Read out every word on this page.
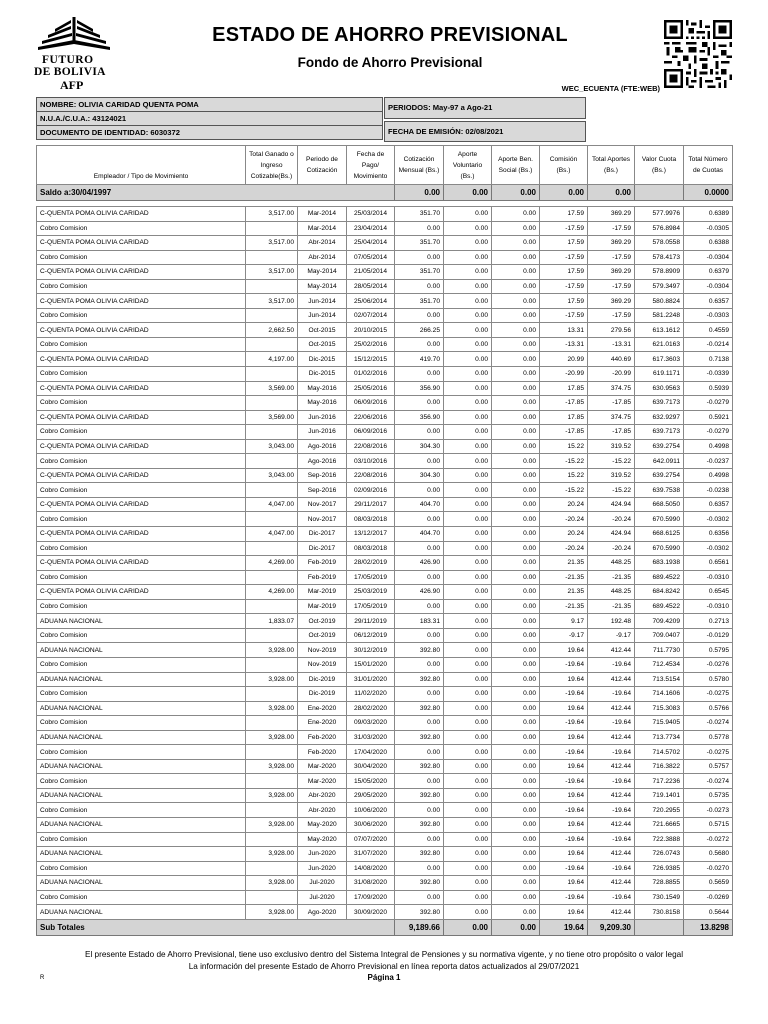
FUTURO
DE BOLIVIA
AFP
ESTADO DE AHORRO PREVISIONAL
Fondo de Ahorro Previsional
WEC_ECUENTA (FTE:WEB)
NOMBRE: OLIVIA CARIDAD QUENTA POMA
N.U.A./C.U.A.: 43124021
DOCUMENTO DE IDENTIDAD: 6030372
PERIODOS: May-97 a Ago-21
FECHA DE EMISIÓN: 02/08/2021
Empleador / Tipo de Movimiento	Total Ganado o Ingreso Cotizable(Bs.)	Periodo de Cotización	Fecha de Pago/ Movimiento	Cotización Mensual (Bs.)	Aporte Voluntario (Bs.)	Aporte Ben. Social (Bs.)	Comisión (Bs.)	Total Aportes (Bs.)	Valor Cuota (Bs.)	Total Número de Cuotas
Saldo a:30/04/1997				0.00	0.00	0.00	0.00	0.00		0.0000

C-QUENTA POMA OLIVIA CARIDAD	3,517.00	Mar-2014	25/03/2014	351.70	0.00	0.00	17.59	369.29	577.9976	0.6389
Cobro Comision		Mar-2014	23/04/2014	0.00	0.00	0.00	-17.59	-17.59	576.8984	-0.0305
C-QUENTA POMA OLIVIA CARIDAD	3,517.00	Abr-2014	25/04/2014	351.70	0.00	0.00	17.59	369.29	578.0558	0.6388
Cobro Comision		Abr-2014	07/05/2014	0.00	0.00	0.00	-17.59	-17.59	578.4173	-0.0304
C-QUENTA POMA OLIVIA CARIDAD	3,517.00	May-2014	21/05/2014	351.70	0.00	0.00	17.59	369.29	578.8909	0.6379
Cobro Comision		May-2014	28/05/2014	0.00	0.00	0.00	-17.59	-17.59	579.3497	-0.0304
C-QUENTA POMA OLIVIA CARIDAD	3,517.00	Jun-2014	25/06/2014	351.70	0.00	0.00	17.59	369.29	580.8824	0.6357
Cobro Comision		Jun-2014	02/07/2014	0.00	0.00	0.00	-17.59	-17.59	581.2248	-0.0303
C-QUENTA POMA OLIVIA CARIDAD	2,662.50	Oct-2015	20/10/2015	266.25	0.00	0.00	13.31	279.56	613.1612	0.4559
Cobro Comision		Oct-2015	25/02/2016	0.00	0.00	0.00	-13.31	-13.31	621.0163	-0.0214
C-QUENTA POMA OLIVIA CARIDAD	4,197.00	Dic-2015	15/12/2015	419.70	0.00	0.00	20.99	440.69	617.3603	0.7138
Cobro Comision		Dic-2015	01/02/2016	0.00	0.00	0.00	-20.99	-20.99	619.1171	-0.0339
C-QUENTA POMA OLIVIA CARIDAD	3,569.00	May-2016	25/05/2016	356.90	0.00	0.00	17.85	374.75	630.9563	0.5939
Cobro Comision		May-2016	06/09/2016	0.00	0.00	0.00	-17.85	-17.85	639.7173	-0.0279
C-QUENTA POMA OLIVIA CARIDAD	3,569.00	Jun-2016	22/06/2016	356.90	0.00	0.00	17.85	374.75	632.9297	0.5921
Cobro Comision		Jun-2016	06/09/2016	0.00	0.00	0.00	-17.85	-17.85	639.7173	-0.0279
C-QUENTA POMA OLIVIA CARIDAD	3,043.00	Ago-2016	22/08/2016	304.30	0.00	0.00	15.22	319.52	639.2754	0.4998
Cobro Comision		Ago-2016	03/10/2016	0.00	0.00	0.00	-15.22	-15.22	642.0911	-0.0237
C-QUENTA POMA OLIVIA CARIDAD	3,043.00	Sep-2016	22/08/2016	304.30	0.00	0.00	15.22	319.52	639.2754	0.4998
Cobro Comision		Sep-2016	02/09/2016	0.00	0.00	0.00	-15.22	-15.22	639.7538	-0.0238
C-QUENTA POMA OLIVIA CARIDAD	4,047.00	Nov-2017	29/11/2017	404.70	0.00	0.00	20.24	424.94	668.5050	0.6357
Cobro Comision		Nov-2017	08/03/2018	0.00	0.00	0.00	-20.24	-20.24	670.5990	-0.0302
C-QUENTA POMA OLIVIA CARIDAD	4,047.00	Dic-2017	13/12/2017	404.70	0.00	0.00	20.24	424.94	668.6125	0.6356
Cobro Comision		Dic-2017	08/03/2018	0.00	0.00	0.00	-20.24	-20.24	670.5990	-0.0302
C-QUENTA POMA OLIVIA CARIDAD	4,269.00	Feb-2019	28/02/2019	426.90	0.00	0.00	21.35	448.25	683.1938	0.6561
Cobro Comision		Feb-2019	17/05/2019	0.00	0.00	0.00	-21.35	-21.35	689.4522	-0.0310
C-QUENTA POMA OLIVIA CARIDAD	4,269.00	Mar-2019	25/03/2019	426.90	0.00	0.00	21.35	448.25	684.8242	0.6545
Cobro Comision		Mar-2019	17/05/2019	0.00	0.00	0.00	-21.35	-21.35	689.4522	-0.0310
ADUANA NACIONAL	1,833.07	Oct-2019	29/11/2019	183.31	0.00	0.00	9.17	192.48	709.4209	0.2713
Cobro Comision		Oct-2019	06/12/2019	0.00	0.00	0.00	-9.17	-9.17	709.0407	-0.0129
ADUANA NACIONAL	3,928.00	Nov-2019	30/12/2019	392.80	0.00	0.00	19.64	412.44	711.7730	0.5795
Cobro Comision		Nov-2019	15/01/2020	0.00	0.00	0.00	-19.64	-19.64	712.4534	-0.0276
ADUANA NACIONAL	3,928.00	Dic-2019	31/01/2020	392.80	0.00	0.00	19.64	412.44	713.5154	0.5780
Cobro Comision		Dic-2019	11/02/2020	0.00	0.00	0.00	-19.64	-19.64	714.1606	-0.0275
ADUANA NACIONAL	3,928.00	Ene-2020	28/02/2020	392.80	0.00	0.00	19.64	412.44	715.3083	0.5766
Cobro Comision		Ene-2020	09/03/2020	0.00	0.00	0.00	-19.64	-19.64	715.9405	-0.0274
ADUANA NACIONAL	3,928.00	Feb-2020	31/03/2020	392.80	0.00	0.00	19.64	412.44	713.7734	0.5778
Cobro Comision		Feb-2020	17/04/2020	0.00	0.00	0.00	-19.64	-19.64	714.5702	-0.0275
ADUANA NACIONAL	3,928.00	Mar-2020	30/04/2020	392.80	0.00	0.00	19.64	412.44	716.3822	0.5757
Cobro Comision		Mar-2020	15/05/2020	0.00	0.00	0.00	-19.64	-19.64	717.2236	-0.0274
ADUANA NACIONAL	3,928.00	Abr-2020	29/05/2020	392.80	0.00	0.00	19.64	412.44	719.1401	0.5735
Cobro Comision		Abr-2020	10/06/2020	0.00	0.00	0.00	-19.64	-19.64	720.2955	-0.0273
ADUANA NACIONAL	3,928.00	May-2020	30/06/2020	392.80	0.00	0.00	19.64	412.44	721.6665	0.5715
Cobro Comision		May-2020	07/07/2020	0.00	0.00	0.00	-19.64	-19.64	722.3888	-0.0272
ADUANA NACIONAL	3,928.00	Jun-2020	31/07/2020	392.80	0.00	0.00	19.64	412.44	726.0743	0.5680
Cobro Comision		Jun-2020	14/08/2020	0.00	0.00	0.00	-19.64	-19.64	726.9385	-0.0270
ADUANA NACIONAL	3,928.00	Jul-2020	31/08/2020	392.80	0.00	0.00	19.64	412.44	728.8855	0.5659
Cobro Comision		Jul-2020	17/09/2020	0.00	0.00	0.00	-19.64	-19.64	730.1549	-0.0269
ADUANA NACIONAL	3,928.00	Ago-2020	30/09/2020	392.80	0.00	0.00	19.64	412.44	730.8158	0.5644
Sub Totales				9,189.66	0.00	0.00	19.64	9,209.30		13.8298
El presente Estado de Ahorro Previsional, tiene uso exclusivo dentro del Sistema Integral de Pensiones y su normativa vigente, y no tiene otro propósito o valor legal
La información del presente Estado de Ahorro Previsional en línea reporta datos actualizados al 29/07/2021
Página 1
R
